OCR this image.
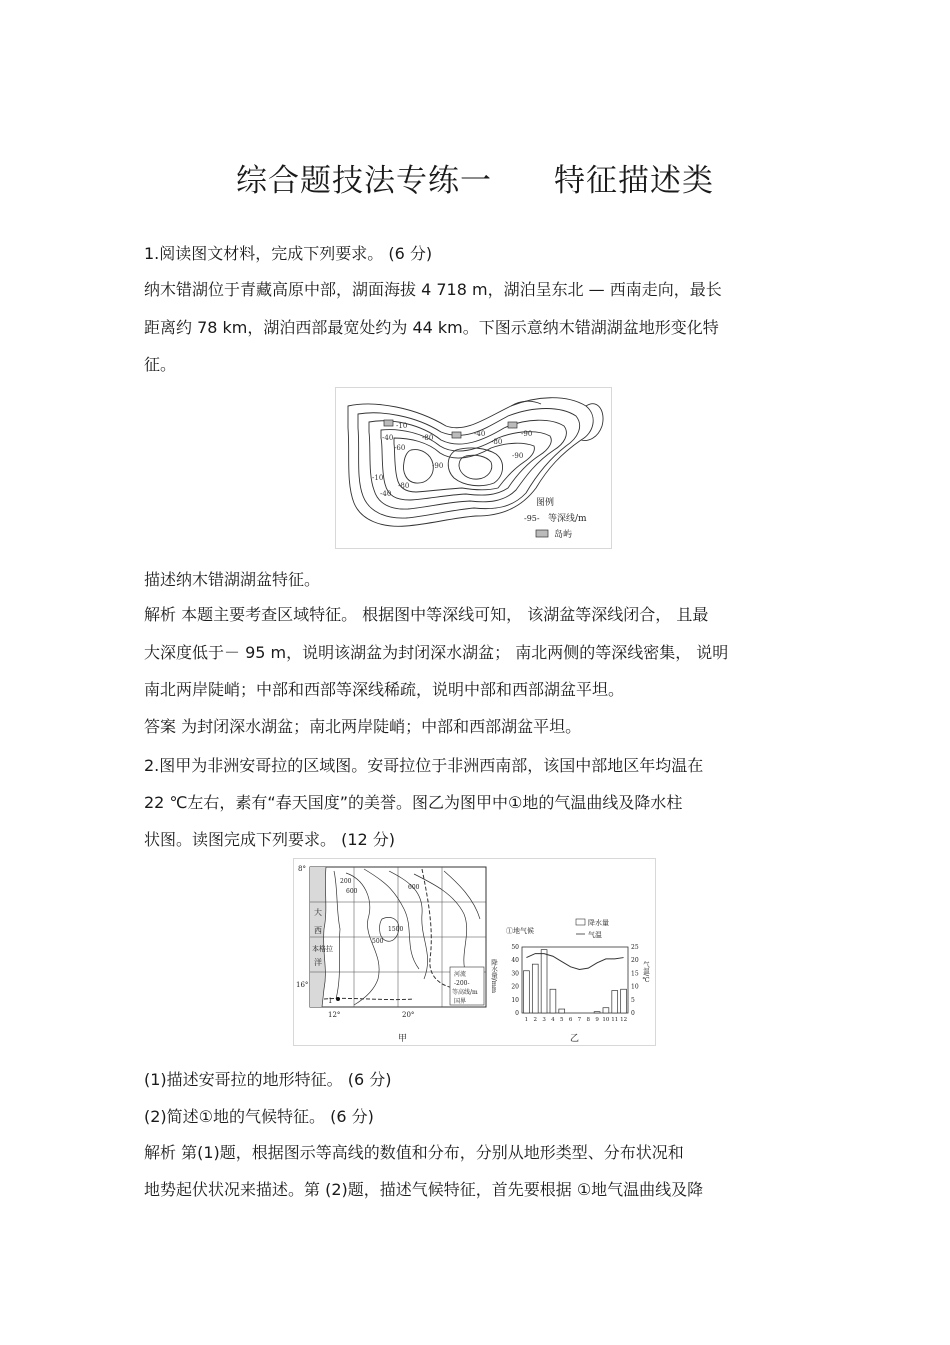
综合题技法专练一 特征描述类
1.阅读图文材料，完成下列要求。 (6 分)
纳木错湖位于青藏高原中部，湖面海拔 4 718 m，湖泊呈东北 — 西南走向，最长
距离约 78 km，湖泊西部最宽处约为 44 km。下图示意纳木错湖湖盆地形变化特
征。
-10
-40
-60
-80
-90
-40
-80
-90
-10
-40
-80
-90
图例
-95- 等深线/m
岛屿
描述纳木错湖湖盆特征。
解析 本题主要考查区域特征。 根据图中等深线可知， 该湖盆等深线闭合， 且最
大深度低于－ 95 m，说明该湖盆为封闭深水湖盆； 南北两侧的等深线密集， 说明
南北两岸陡峭；中部和西部等深线稀疏，说明中部和西部湖盆平坦。
答案 为封闭深水湖盆；南北两岸陡峭；中部和西部湖盆平坦。
2.图甲为非洲安哥拉的区域图。安哥拉位于非洲西南部，该国中部地区年均温在
22 ℃左右，素有“春天国度”的美誉。图乙为图甲中①地的气温曲线及降水柱
状图。读图完成下列要求。 (12 分)
1
8°
16°
12°	20°
大
西
洋
本格拉
200
600
600
1500
500
河流
-200-
等高线/m
国界
甲
①地气候
降水量
气温
50
40
30
20
10
0
25
20
15
10
5
0
1 2 3 4 5 6 7 8 9 10 11 12
降水量/mm	气温/℃
乙
(1)描述安哥拉的地形特征。 (6 分)
(2)简述①地的气候特征。 (6 分)
解析 第(1)题，根据图示等高线的数值和分布，分别从地形类型、分布状况和
地势起伏状况来描述。第 (2)题，描述气候特征，首先要根据 ①地气温曲线及降
